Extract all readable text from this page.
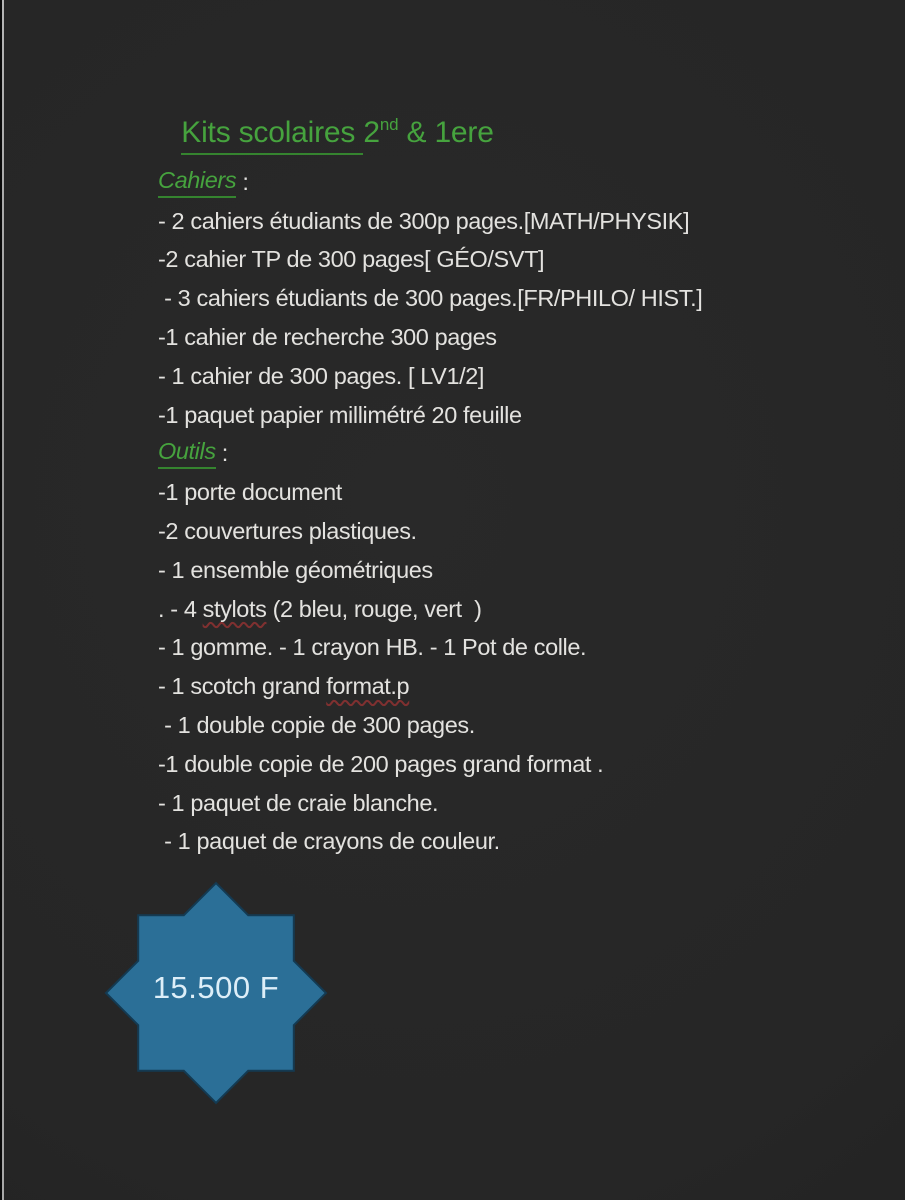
Kits scolaires 2nd & 1ere

Cahiers :
- 2 cahiers étudiants de 300p pages.[MATH/PHYSIK]
-2 cahier TP de 300 pages[ GÉO/SVT]
- 3 cahiers étudiants de 300 pages.[FR/PHILO/ HIST.]
-1 cahier de recherche 300 pages
- 1 cahier de 300 pages. [ LV1/2]
-1 paquet papier millimétré 20 feuille
Outils :
-1 porte document
-2 couvertures plastiques.
- 1 ensemble géométriques
. - 4 stylots (2 bleu, rouge, vert  )
- 1 gomme. - 1 crayon HB. - 1 Pot de colle.
- 1 scotch grand format.p
- 1 double copie de 300 pages.
-1 double copie de 200 pages grand format .
- 1 paquet de craie blanche.
- 1 paquet de crayons de couleur.
15.500 F
